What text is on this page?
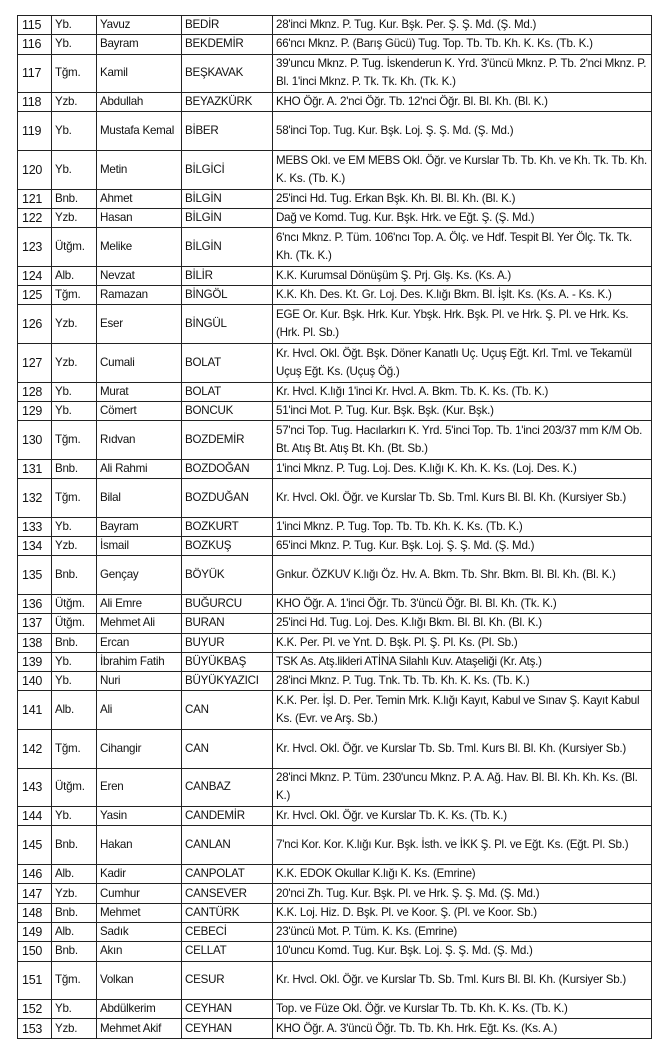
115	Yb.	Yavuz	BEDİR	28'inci Mknz. P. Tug. Kur. Bşk. Per. Ş. Ş. Md. (Ş. Md.)
116	Yb.	Bayram	BEKDEMİR	66'ncı Mknz. P. (Barış Gücü) Tug. Top. Tb. Tb. Kh. K. Ks. (Tb. K.)
117	Tğm.	Kamil	BEŞKAVAK	39'uncu Mknz. P. Tug. İskenderun K. Yrd. 3'üncü Mknz. P. Tb. 2'nci Mknz. P. Bl. 1'inci Mknz. P. Tk. Tk. Kh. (Tk. K.)
118	Yzb.	Abdullah	BEYAZKÜRK	KHO Öğr. A. 2'nci Öğr. Tb. 12'nci Öğr. Bl. Bl. Kh. (Bl. K.)
119	Yb.	Mustafa Kemal	BİBER	58'inci Top. Tug. Kur. Bşk. Loj. Ş. Ş. Md. (Ş. Md.)
120	Yb.	Metin	BİLGİCİ	MEBS Okl. ve EM MEBS Okl. Öğr. ve Kurslar Tb. Tb. Kh. ve Kh. Tk. Tb. Kh. K. Ks. (Tb. K.)
121	Bnb.	Ahmet	BİLGİN	25'inci Hd. Tug. Erkan Bşk. Kh. Bl. Bl. Kh. (Bl. K.)
122	Yzb.	Hasan	BİLGİN	Dağ ve Komd. Tug. Kur. Bşk. Hrk. ve Eğt. Ş. (Ş. Md.)
123	Ütğm.	Melike	BİLGİN	6'ncı Mknz. P. Tüm. 106'ncı Top. A. Ölç. ve Hdf. Tespit Bl. Yer Ölç. Tk. Tk. Kh. (Tk. K.)
124	Alb.	Nevzat	BİLİR	K.K. Kurumsal Dönüşüm Ş. Prj. Glş. Ks. (Ks. A.)
125	Tğm.	Ramazan	BİNGÖL	K.K. Kh. Des. Kt. Gr. Loj. Des. K.lığı Bkm. Bl. İşlt. Ks. (Ks. A. - Ks. K.)
126	Yzb.	Eser	BİNGÜL	EGE Or. Kur. Bşk. Hrk. Kur. Ybşk. Hrk. Bşk. Pl. ve Hrk. Ş. Pl. ve Hrk. Ks. (Hrk. Pl. Sb.)
127	Yzb.	Cumali	BOLAT	Kr. Hvcl. Okl. Öğt. Bşk. Döner Kanatlı Uç. Uçuş Eğt. Krl. Tml. ve Tekamül Uçuş Eğt. Ks. (Uçuş Öğ.)
128	Yb.	Murat	BOLAT	Kr. Hvcl. K.lığı 1'inci Kr. Hvcl. A. Bkm. Tb. K. Ks. (Tb. K.)
129	Yb.	Cömert	BONCUK	51'inci Mot. P. Tug. Kur. Bşk. Bşk. (Kur. Bşk.)
130	Tğm.	Rıdvan	BOZDEMİR	57'nci Top. Tug. Hacılarkırı K. Yrd. 5'inci Top. Tb. 1'inci 203/37 mm K/M Ob. Bt. Atış Bt. Atış Bt. Kh. (Bt. Sb.)
131	Bnb.	Ali Rahmi	BOZDOĞAN	1'inci Mknz. P. Tug. Loj. Des. K.lığı K. Kh. K. Ks. (Loj. Des. K.)
132	Tğm.	Bilal	BOZDUĞAN	Kr. Hvcl. Okl. Öğr. ve Kurslar Tb. Sb. Tml. Kurs Bl. Bl. Kh. (Kursiyer Sb.)
133	Yb.	Bayram	BOZKURT	1'inci Mknz. P. Tug. Top. Tb. Tb. Kh. K. Ks. (Tb. K.)
134	Yzb.	İsmail	BOZKUŞ	65'inci Mknz. P. Tug. Kur. Bşk. Loj. Ş. Ş. Md. (Ş. Md.)
135	Bnb.	Gençay	BÖYÜK	Gnkur. ÖZKUV K.lığı Öz. Hv. A. Bkm. Tb. Shr. Bkm. Bl. Bl. Kh. (Bl. K.)
136	Ütğm.	Ali Emre	BUĞURCU	KHO Öğr. A. 1'inci Öğr. Tb. 3'üncü Öğr. Bl. Bl. Kh. (Tk. K.)
137	Ütğm.	Mehmet Ali	BURAN	25'inci Hd. Tug. Loj. Des. K.lığı Bkm. Bl. Bl. Kh. (Bl. K.)
138	Bnb.	Ercan	BUYUR	K.K. Per. Pl. ve Ynt. D. Bşk. Pl. Ş. Pl. Ks. (Pl. Sb.)
139	Yb.	İbrahim Fatih	BÜYÜKBAŞ	TSK As. Atş.likleri ATİNA Silahlı Kuv. Ataşeliği (Kr. Atş.)
140	Yb.	Nuri	BÜYÜKYAZICI	28'inci Mknz. P. Tug. Tnk. Tb. Tb. Kh. K. Ks. (Tb. K.)
141	Alb.	Ali	CAN	K.K. Per. İşl. D. Per. Temin Mrk. K.lığı Kayıt, Kabul ve Sınav Ş. Kayıt Kabul Ks. (Evr. ve Arş. Sb.)
142	Tğm.	Cihangir	CAN	Kr. Hvcl. Okl. Öğr. ve Kurslar Tb. Sb. Tml. Kurs Bl. Bl. Kh. (Kursiyer Sb.)
143	Ütğm.	Eren	CANBAZ	28'inci Mknz. P. Tüm. 230'uncu Mknz. P. A. Ağ. Hav. Bl. Bl. Kh. Kh. Ks. (Bl. K.)
144	Yb.	Yasin	CANDEMİR	Kr. Hvcl. Okl. Öğr. ve Kurslar Tb. K. Ks. (Tb. K.)
145	Bnb.	Hakan	CANLAN	7'nci Kor. Kor. K.lığı Kur. Bşk. İsth. ve İKK Ş. Pl. ve Eğt. Ks. (Eğt. Pl. Sb.)
146	Alb.	Kadir	CANPOLAT	K.K. EDOK Okullar K.lığı K. Ks. (Emrine)
147	Yzb.	Cumhur	CANSEVER	20'nci Zh. Tug. Kur. Bşk. Pl. ve Hrk. Ş. Ş. Md. (Ş. Md.)
148	Bnb.	Mehmet	CANTÜRK	K.K. Loj. Hiz. D. Bşk. Pl. ve Koor. Ş. (Pl. ve Koor. Sb.)
149	Alb.	Sadık	CEBECİ	23'üncü Mot. P. Tüm. K. Ks. (Emrine)
150	Bnb.	Akın	CELLAT	10'uncu Komd. Tug. Kur. Bşk. Loj. Ş. Ş. Md. (Ş. Md.)
151	Tğm.	Volkan	CESUR	Kr. Hvcl. Okl. Öğr. ve Kurslar Tb. Sb. Tml. Kurs Bl. Bl. Kh. (Kursiyer Sb.)
152	Yb.	Abdülkerim	CEYHAN	Top. ve Füze Okl. Öğr. ve Kurslar Tb. Tb. Kh. K. Ks. (Tb. K.)
153	Yzb.	Mehmet Akif	CEYHAN	KHO Öğr. A. 3'üncü Öğr. Tb. Tb. Kh. Hrk. Eğt. Ks. (Ks. A.)
